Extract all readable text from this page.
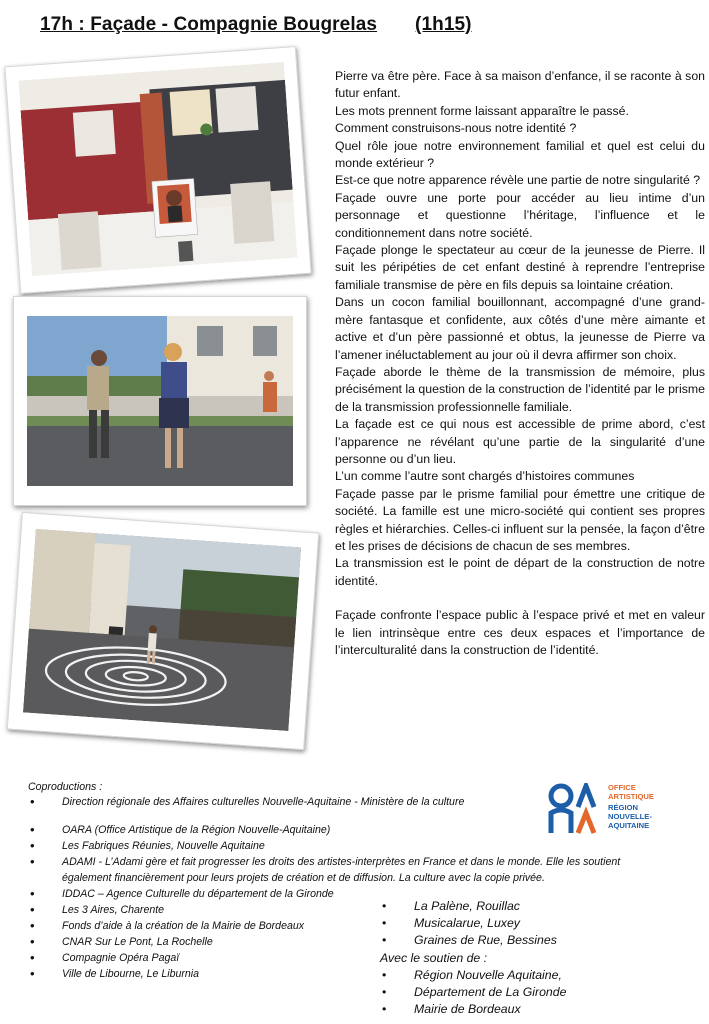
17h : Façade - Compagnie Bougrelas (1h15)

Pierre va être père. Face à sa maison d’enfance, il se raconte à son futur enfant.

Les mots prennent forme laissant apparaître le passé.

Comment construisons-nous notre identité ?

Quel rôle joue notre environnement familial et quel est celui du monde extérieur ?

Est-ce que notre apparence révèle une partie de notre singularité ?

Façade ouvre une porte pour accéder au lieu intime d’un personnage et questionne l’héritage, l’influence et le conditionnement dans notre société.

Façade plonge le spectateur au cœur de la jeunesse de Pierre. Il suit les péripéties de cet enfant destiné à reprendre l’entreprise familiale transmise de père en fils depuis sa lointaine création.

Dans un cocon familial bouillonnant, accompagné d’une grand-mère fantasque et confidente, aux côtés d’une mère aimante et active et d’un père passionné et obtus, la jeunesse de Pierre va l’amener inéluctablement au jour où il devra affirmer son choix.

Façade aborde le thème de la transmission de mémoire, plus précisément la question de la construction de l’identité par le prisme de la transmission professionnelle familiale.

La façade est ce qui nous est accessible de prime abord, c’est l’apparence ne révélant qu’une partie de la singularité d’une personne ou d’un lieu.

L’un comme l’autre sont chargés d’histoires communes

Façade passe par le prisme familial pour émettre une critique de société. La famille est une micro-société qui contient ses propres règles et hiérarchies. Celles-ci influent sur la pensée, la façon d’être et les prises de décisions de chacun de ses membres.

La transmission est le point de départ de la construction de notre identité.

Façade confronte l’espace public à l’espace privé et met en valeur le lien intrinsèque entre ces deux espaces et l’importance de l’interculturalité dans la construction de l’identité.

Coproductions :
• Direction régionale des Affaires culturelles Nouvelle-Aquitaine - Ministère de la culture
• OARA (Office Artistique de la Région Nouvelle-Aquitaine)
• Les Fabriques Réunies, Nouvelle Aquitaine
• ADAMI - L’Adami gère et fait progresser les droits des artistes-interprètes en France et dans le monde. Elle les soutient également financièrement pour leurs projets de création et de diffusion. La culture avec la copie privée.
• IDDAC – Agence Culturelle du département de la Gironde
• Les 3 Aires, Charente
• Fonds d’aide à la création de la Mairie de Bordeaux
• CNAR Sur Le Pont, La Rochelle
• Compagnie Opéra Pagaï
• Ville de Libourne, Le Liburnia
• La Palène, Rouillac
• Musicalarue, Luxey
• Graines de Rue, Bessines
Avec le soutien de :
• Région Nouvelle Aquitaine,
• Département de La Gironde
• Mairie de Bordeaux
OFFICE
ARTISTIQUE
RÉGION
NOUVELLE-
AQUITAINE
